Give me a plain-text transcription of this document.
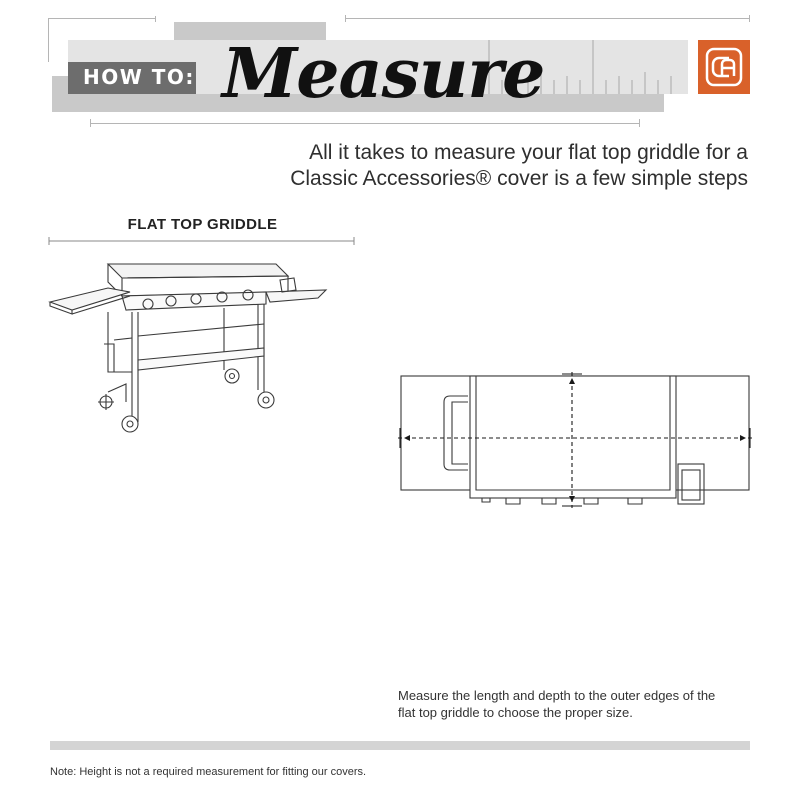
HOW TO: Measure
All it takes to measure your flat top griddle for a
Classic Accessories® cover is a few simple steps
FLAT TOP GRIDDLE
Measure the length and depth to the outer edges of the
flat top griddle to choose the proper size.
Note: Height is not a required measurement for fitting our covers.
